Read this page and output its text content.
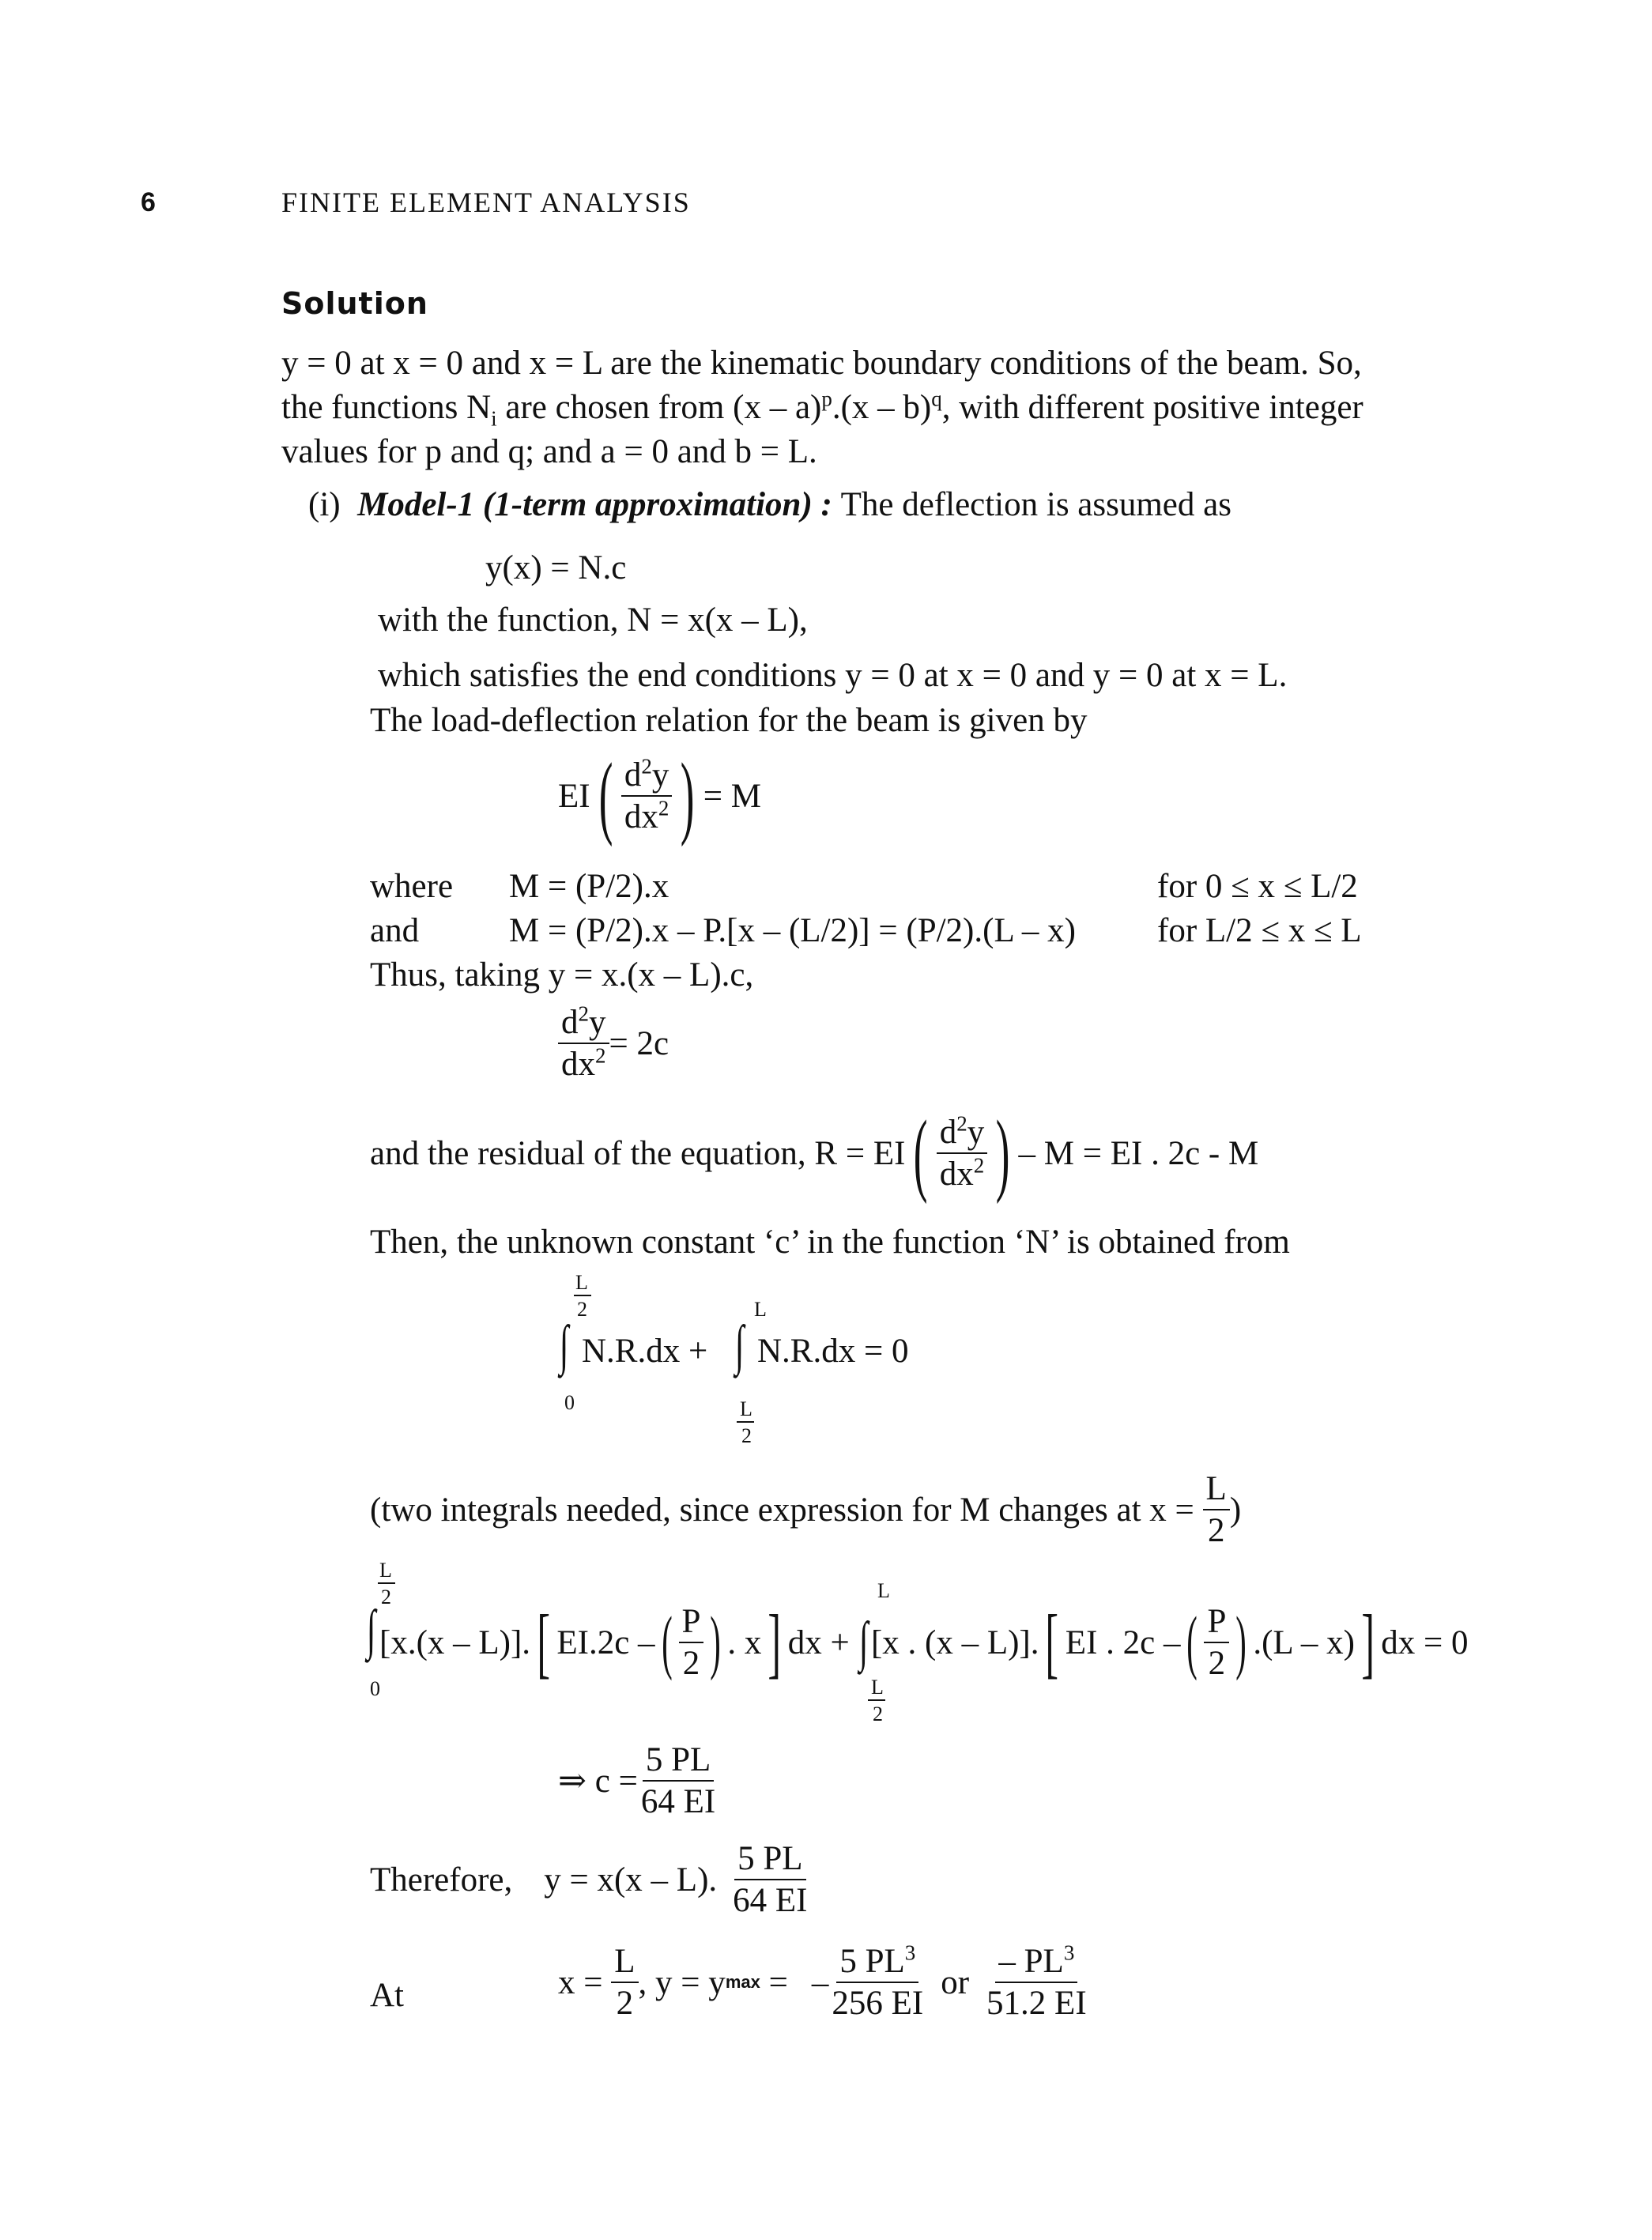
6	FINITE ELEMENT ANALYSIS
Solution
y = 0 at x = 0 and x = L are the kinematic boundary conditions of the beam. So,
the functions $N_i$ are chosen from (x – a)$^p$.(x – b)$^q$, with different positive integer
values for p and q; and a = 0 and b = L.
(i) Model-1 (1-term approximation) : The deflection is assumed as
y(x) = N.c
with the function, N = x(x – L),
which satisfies the end conditions y = 0 at x = 0 and y = 0 at x = L.
The load-deflection relation for the beam is given by
EI ( $\frac{d^2y}{dx^2}$ ) = M
where M = (P/2).x	for 0 ≤ x ≤ L/2
and	M = (P/2).x – P.[x – (L/2)] = (P/2).(L – x) for L/2 ≤ x ≤ L
Thus, taking y = x.(x – L).c,
$\frac{d^2y}{dx^2} = 2c$
and the residual of the equation, R = EI ( $\frac{d^2y}{dx^2}$ ) – M = EI . 2c - M
Then, the unknown constant ‘c’ in the function ‘N’ is obtained from
L
2
∫ N.R.dx +
0
L
∫ N.R.dx = 0
L
2
(two integrals needed, since expression for M changes at x =
$\frac{L}{2}$ )
L
2
∫
0
[x.(x – L)]. [ EI.2c – ( $\frac{P}{2}$ ) . x ] dx + ∫ [x . (x – L)]. [ EI . 2c – ( $\frac{P}{2}$ ) .(L – x) ] dx = 0
L
L
2
⇒ $c = \frac{5 PL}{64 EI}$
Therefore, y = x(x – L). $\frac{5 PL}{64 EI}$
At	x =
$\frac{L}{2}$ , y = y max
= – $\frac{5 PL^3}{256 EI}$ or $\frac{- PL^3}{51.2 EI}$
